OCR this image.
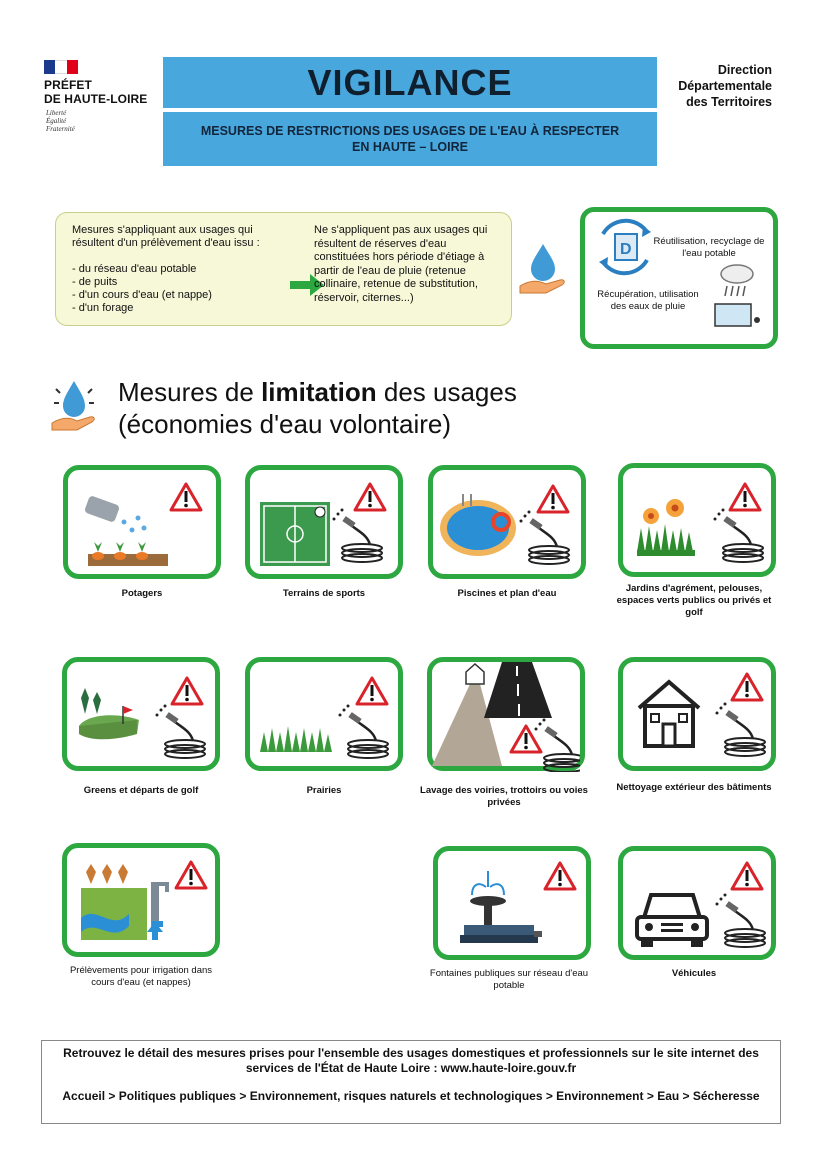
PRÉFET
DE HAUTE-LOIRE
Liberté
Égalité
Fraternité
VIGILANCE
MESURES DE RESTRICTIONS DES USAGES DE L'EAU À RESPECTER
EN HAUTE – LOIRE
Direction
Départementale
des Territoires
Mesures s'appliquant aux usages qui résultent d'un prélèvement d'eau issu :
- du réseau d'eau potable
- de puits
- d'un cours d'eau (et nappe)
- d'un forage
Ne s'appliquent pas aux usages qui résultent de réserves d'eau constituées hors période d'étiage à partir de l'eau de pluie (retenue collinaire, retenue de substitution, réservoir, citernes...)
D	Réutilisation, recyclage de l'eau potable
Récupération, utilisation des eaux de pluie
Mesures de limitation des usages
(économies d'eau volontaire)
Potagers	Terrains de sports	Piscines et plan d'eau	Jardins d'agrément, pelouses, espaces verts publics ou privés et golf
Greens et départs de golf	Prairies	Lavage des voiries, trottoirs ou voies privées
Nettoyage extérieur des bâtiments
Prélèvements pour irrigation dans cours d'eau (et nappes)
Fontaines publiques sur réseau d'eau potable
Véhicules
Retrouvez le détail des mesures prises pour l'ensemble des usages domestiques et professionnels sur le site internet des services de l'État de Haute Loire : www.haute-loire.gouv.fr
Accueil > Politiques publiques > Environnement, risques naturels et technologiques > Environnement > Eau > Sécheresse
